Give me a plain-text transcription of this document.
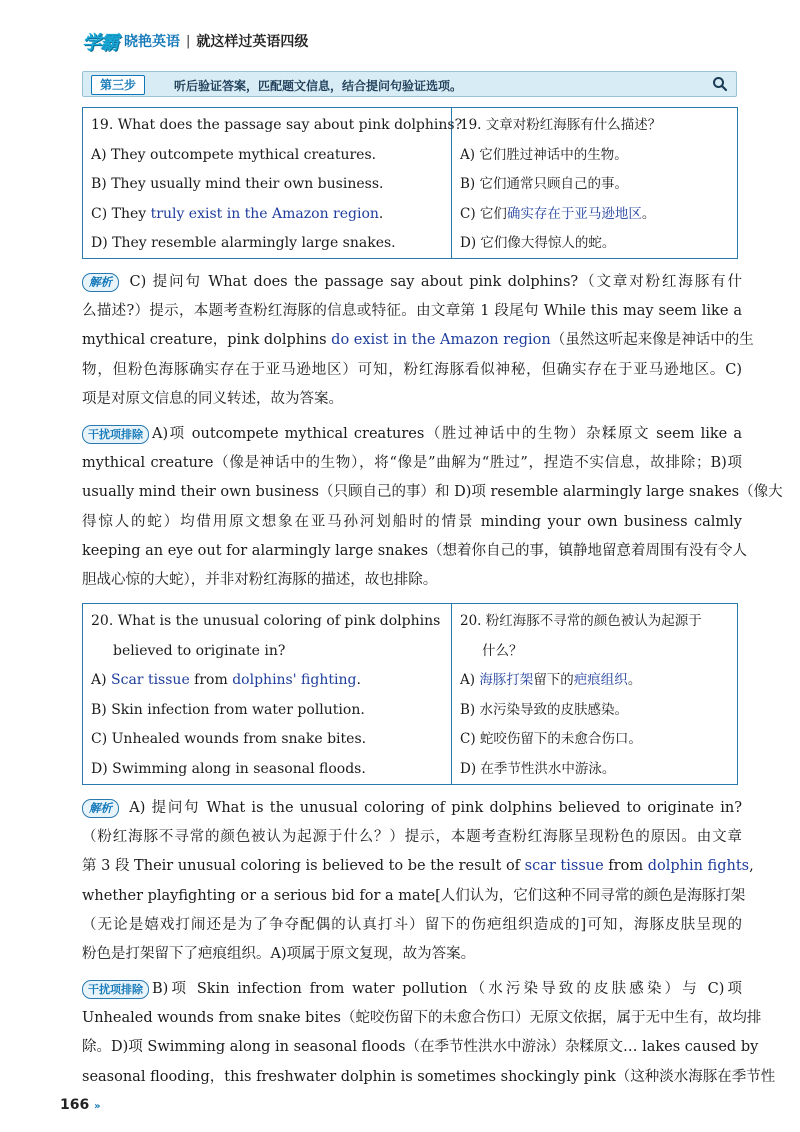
学霸 晓艳英语 | 就这样过英语四级
第三步	听后验证答案，匹配题文信息，结合提问句验证选项。
19. What does the passage say about pink dolphins?
A) They outcompete mythical creatures.
B) They usually mind their own business.
C) They truly exist in the Amazon region.
D) They resemble alarmingly large snakes.
19. 文章对粉红海豚有什么描述？
A) 它们胜过神话中的生物。
B) 它们通常只顾自己的事。
C) 它们确实存在于亚马逊地区。
D) 它们像大得惊人的蛇。
解析 C) 提问句 What does the passage say about pink dolphins?（文章对粉红海豚有什
么描述?）提示，本题考查粉红海豚的信息或特征。由文章第 1 段尾句 While this may seem like a
mythical creature，pink dolphins do exist in the Amazon region（虽然这听起来像是神话中的生
物，但粉色海豚确实存在于亚马逊地区）可知，粉红海豚看似神秘，但确实存在于亚马逊地区。C)
项是对原文信息的同义转述，故为答案。
干扰项排除 A)项 outcompete mythical creatures（胜过神话中的生物）杂糅原文 seem like a
mythical creature（像是神话中的生物），将“像是”曲解为“胜过”，捏造不实信息，故排除；B)项
usually mind their own business（只顾自己的事）和 D)项 resemble alarmingly large snakes（像大
得惊人的蛇）均借用原文想象在亚马孙河划船时的情景 minding your own business calmly
keeping an eye out for alarmingly large snakes（想着你自己的事，镇静地留意着周围有没有令人
胆战心惊的大蛇），并非对粉红海豚的描述，故也排除。
20. What is the unusual coloring of pink dolphins
believed to originate in?
A) Scar tissue from dolphins' fighting.
B) Skin infection from water pollution.
C) Unhealed wounds from snake bites.
D) Swimming along in seasonal floods.
20. 粉红海豚不寻常的颜色被认为起源于
什么？
A) 海豚打架留下的疤痕组织。
B) 水污染导致的皮肤感染。
C) 蛇咬伤留下的未愈合伤口。
D) 在季节性洪水中游泳。
解析 A) 提问句 What is the unusual coloring of pink dolphins believed to originate in?
（粉红海豚不寻常的颜色被认为起源于什么？）提示，本题考查粉红海豚呈现粉色的原因。由文章
第 3 段 Their unusual coloring is believed to be the result of scar tissue from dolphin fights,
whether playfighting or a serious bid for a mate[人们认为，它们这种不同寻常的颜色是海豚打架
（无论是嬉戏打闹还是为了争夺配偶的认真打斗）留下的伤疤组织造成的]可知，海豚皮肤呈现的
粉色是打架留下了疤痕组织。A)项属于原文复现，故为答案。
干扰项排除 B)项 Skin infection from water pollution（水污染导致的皮肤感染）与 C)项
Unhealed wounds from snake bites（蛇咬伤留下的未愈合伤口）无原文依据，属于无中生有，故均排
除。D)项 Swimming along in seasonal floods（在季节性洪水中游泳）杂糅原文… lakes caused by
seasonal flooding，this freshwater dolphin is sometimes shockingly pink（这种淡水海豚在季节性
166 »
